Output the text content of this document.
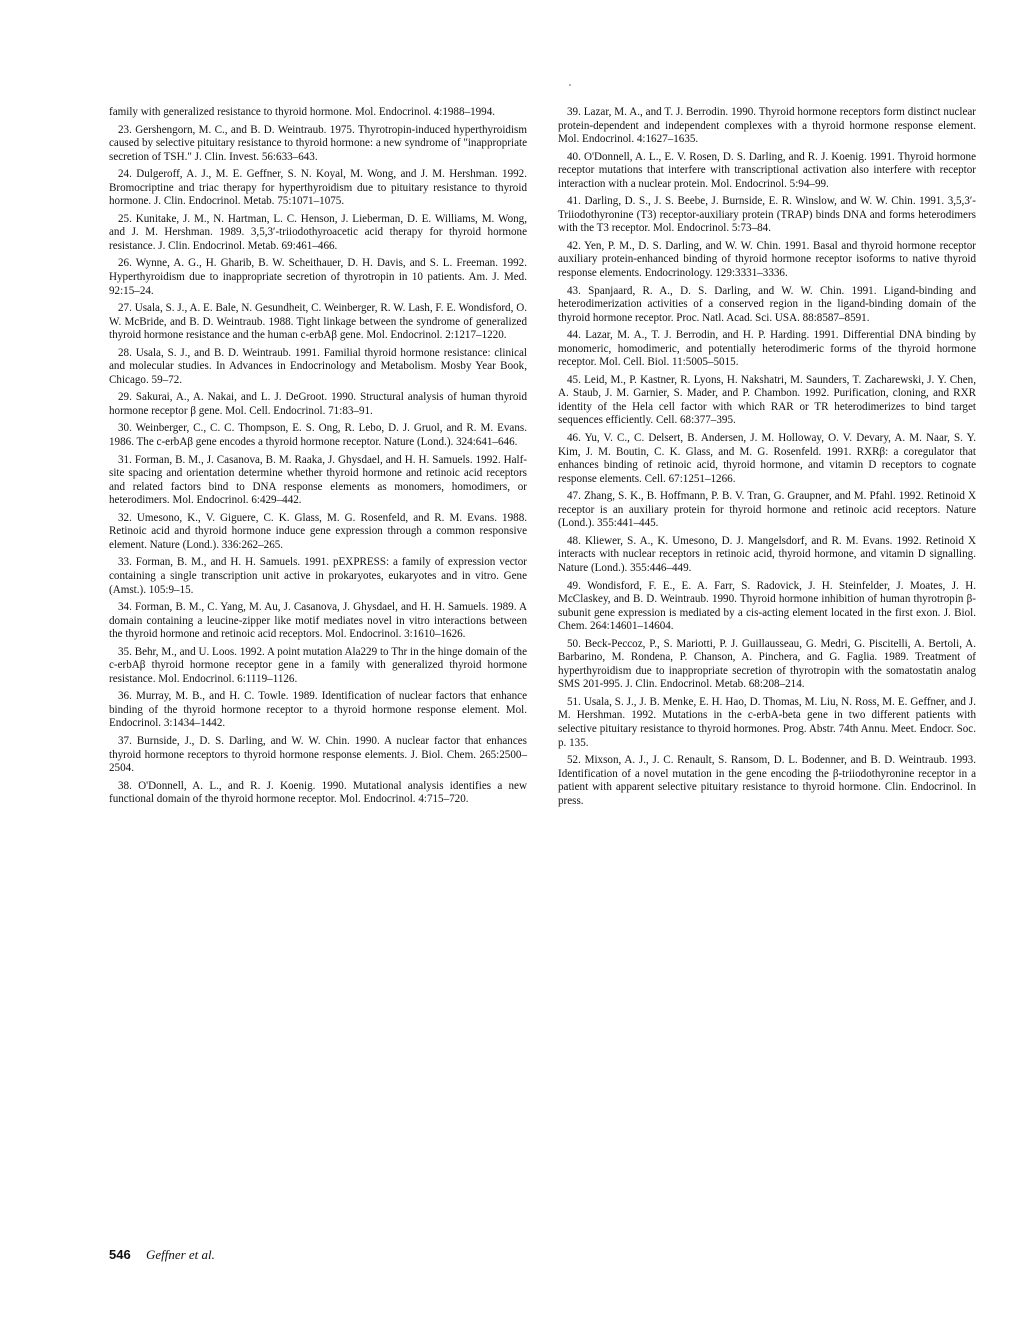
family with generalized resistance to thyroid hormone. Mol. Endocrinol. 4:1988–1994.

23. Gershengorn, M. C., and B. D. Weintraub. 1975. Thyrotropin-induced hyperthyroidism caused by selective pituitary resistance to thyroid hormone: a new syndrome of "inappropriate secretion of TSH." J. Clin. Invest. 56:633–643.

24. Dulgeroff, A. J., M. E. Geffner, S. N. Koyal, M. Wong, and J. M. Hershman. 1992. Bromocriptine and triac therapy for hyperthyroidism due to pituitary resistance to thyroid hormone. J. Clin. Endocrinol. Metab. 75:1071–1075.

25. Kunitake, J. M., N. Hartman, L. C. Henson, J. Lieberman, D. E. Williams, M. Wong, and J. M. Hershman. 1989. 3,5,3′-triiodothyroacetic acid therapy for thyroid hormone resistance. J. Clin. Endocrinol. Metab. 69:461–466.

26. Wynne, A. G., H. Gharib, B. W. Scheithauer, D. H. Davis, and S. L. Freeman. 1992. Hyperthyroidism due to inappropriate secretion of thyrotropin in 10 patients. Am. J. Med. 92:15–24.

27. Usala, S. J., A. E. Bale, N. Gesundheit, C. Weinberger, R. W. Lash, F. E. Wondisford, O. W. McBride, and B. D. Weintraub. 1988. Tight linkage between the syndrome of generalized thyroid hormone resistance and the human c-erbAβ gene. Mol. Endocrinol. 2:1217–1220.

28. Usala, S. J., and B. D. Weintraub. 1991. Familial thyroid hormone resistance: clinical and molecular studies. In Advances in Endocrinology and Metabolism. Mosby Year Book, Chicago. 59–72.

29. Sakurai, A., A. Nakai, and L. J. DeGroot. 1990. Structural analysis of human thyroid hormone receptor β gene. Mol. Cell. Endocrinol. 71:83–91.

30. Weinberger, C., C. C. Thompson, E. S. Ong, R. Lebo, D. J. Gruol, and R. M. Evans. 1986. The c-erbAβ gene encodes a thyroid hormone receptor. Nature (Lond.). 324:641–646.

31. Forman, B. M., J. Casanova, B. M. Raaka, J. Ghysdael, and H. H. Samuels. 1992. Half-site spacing and orientation determine whether thyroid hormone and retinoic acid receptors and related factors bind to DNA response elements as monomers, homodimers, or heterodimers. Mol. Endocrinol. 6:429–442.

32. Umesono, K., V. Giguere, C. K. Glass, M. G. Rosenfeld, and R. M. Evans. 1988. Retinoic acid and thyroid hormone induce gene expression through a common responsive element. Nature (Lond.). 336:262–265.

33. Forman, B. M., and H. H. Samuels. 1991. pEXPRESS: a family of expression vector containing a single transcription unit active in prokaryotes, eukaryotes and in vitro. Gene (Amst.). 105:9–15.

34. Forman, B. M., C. Yang, M. Au, J. Casanova, J. Ghysdael, and H. H. Samuels. 1989. A domain containing a leucine-zipper like motif mediates novel in vitro interactions between the thyroid hormone and retinoic acid receptors. Mol. Endocrinol. 3:1610–1626.

35. Behr, M., and U. Loos. 1992. A point mutation Ala229 to Thr in the hinge domain of the c-erbAβ thyroid hormone receptor gene in a family with generalized thyroid hormone resistance. Mol. Endocrinol. 6:1119–1126.

36. Murray, M. B., and H. C. Towle. 1989. Identification of nuclear factors that enhance binding of the thyroid hormone receptor to a thyroid hormone response element. Mol. Endocrinol. 3:1434–1442.

37. Burnside, J., D. S. Darling, and W. W. Chin. 1990. A nuclear factor that enhances thyroid hormone receptors to thyroid hormone response elements. J. Biol. Chem. 265:2500–2504.

38. O'Donnell, A. L., and R. J. Koenig. 1990. Mutational analysis identifies a new functional domain of the thyroid hormone receptor. Mol. Endocrinol. 4:715–720.

39. Lazar, M. A., and T. J. Berrodin. 1990. Thyroid hormone receptors form distinct nuclear protein-dependent and independent complexes with a thyroid hormone response element. Mol. Endocrinol. 4:1627–1635.

40. O'Donnell, A. L., E. V. Rosen, D. S. Darling, and R. J. Koenig. 1991. Thyroid hormone receptor mutations that interfere with transcriptional activation also interfere with receptor interaction with a nuclear protein. Mol. Endocrinol. 5:94–99.

41. Darling, D. S., J. S. Beebe, J. Burnside, E. R. Winslow, and W. W. Chin. 1991. 3,5,3′-Triiodothyronine (T3) receptor-auxiliary protein (TRAP) binds DNA and forms heterodimers with the T3 receptor. Mol. Endocrinol. 5:73–84.

42. Yen, P. M., D. S. Darling, and W. W. Chin. 1991. Basal and thyroid hormone receptor auxiliary protein-enhanced binding of thyroid hormone receptor isoforms to native thyroid response elements. Endocrinology. 129:3331–3336.

43. Spanjaard, R. A., D. S. Darling, and W. W. Chin. 1991. Ligand-binding and heterodimerization activities of a conserved region in the ligand-binding domain of the thyroid hormone receptor. Proc. Natl. Acad. Sci. USA. 88:8587–8591.

44. Lazar, M. A., T. J. Berrodin, and H. P. Harding. 1991. Differential DNA binding by monomeric, homodimeric, and potentially heterodimeric forms of the thyroid hormone receptor. Mol. Cell. Biol. 11:5005–5015.

45. Leid, M., P. Kastner, R. Lyons, H. Nakshatri, M. Saunders, T. Zacharewski, J. Y. Chen, A. Staub, J. M. Garnier, S. Mader, and P. Chambon. 1992. Purification, cloning, and RXR identity of the Hela cell factor with which RAR or TR heterodimerizes to bind target sequences efficiently. Cell. 68:377–395.

46. Yu, V. C., C. Delsert, B. Andersen, J. M. Holloway, O. V. Devary, A. M. Naar, S. Y. Kim, J. M. Boutin, C. K. Glass, and M. G. Rosenfeld. 1991. RXRβ: a coregulator that enhances binding of retinoic acid, thyroid hormone, and vitamin D receptors to cognate response elements. Cell. 67:1251–1266.

47. Zhang, S. K., B. Hoffmann, P. B. V. Tran, G. Graupner, and M. Pfahl. 1992. Retinoid X receptor is an auxiliary protein for thyroid hormone and retinoic acid receptors. Nature (Lond.). 355:441–445.

48. Kliewer, S. A., K. Umesono, D. J. Mangelsdorf, and R. M. Evans. 1992. Retinoid X interacts with nuclear receptors in retinoic acid, thyroid hormone, and vitamin D signalling. Nature (Lond.). 355:446–449.

49. Wondisford, F. E., E. A. Farr, S. Radovick, J. H. Steinfelder, J. Moates, J. H. McClaskey, and B. D. Weintraub. 1990. Thyroid hormone inhibition of human thyrotropin β-subunit gene expression is mediated by a cis-acting element located in the first exon. J. Biol. Chem. 264:14601–14604.

50. Beck-Peccoz, P., S. Mariotti, P. J. Guillausseau, G. Medri, G. Piscitelli, A. Bertoli, A. Barbarino, M. Rondena, P. Chanson, A. Pinchera, and G. Faglia. 1989. Treatment of hyperthyroidism due to inappropriate secretion of thyrotropin with the somatostatin analog SMS 201-995. J. Clin. Endocrinol. Metab. 68:208–214.

51. Usala, S. J., J. B. Menke, E. H. Hao, D. Thomas, M. Liu, N. Ross, M. E. Geffner, and J. M. Hershman. 1992. Mutations in the c-erbA-beta gene in two different patients with selective pituitary resistance to thyroid hormones. Prog. Abstr. 74th Annu. Meet. Endocr. Soc. p. 135.

52. Mixson, A. J., J. C. Renault, S. Ransom, D. L. Bodenner, and B. D. Weintraub. 1993. Identification of a novel mutation in the gene encoding the β-triiodothyronine receptor in a patient with apparent selective pituitary resistance to thyroid hormone. Clin. Endocrinol. In press.

546 Geffner et al.
